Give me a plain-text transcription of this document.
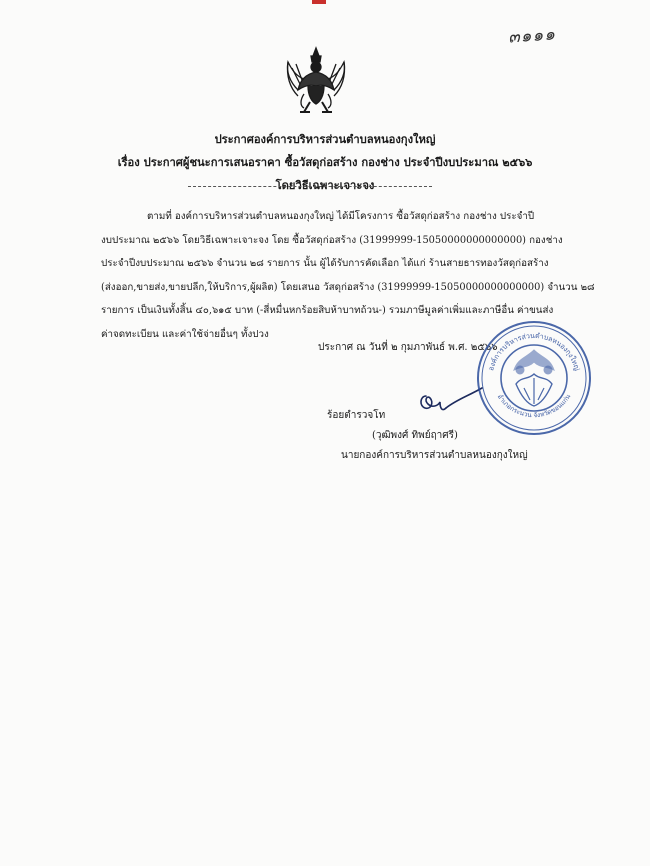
๓๑๑๑
ประกาศองค์การบริหารส่วนตำบลหนองกุงใหญ่
เรื่อง ประกาศผู้ชนะการเสนอราคา ซื้อวัสดุก่อสร้าง กองช่าง ประจำปีงบประมาณ ๒๕๖๖
โดยวิธีเฉพาะเจาะจง
ตามที่ องค์การบริหารส่วนตำบลหนองกุงใหญ่ ได้มีโครงการ ซื้อวัสดุก่อสร้าง กองช่าง ประจำปี
งบประมาณ ๒๕๖๖ โดยวิธีเฉพาะเจาะจง โดย ซื้อวัสดุก่อสร้าง (31999999-15050000000000000) กองช่าง
ประจำปีงบประมาณ ๒๕๖๖ จำนวน ๒๘ รายการ นั้น ผู้ได้รับการคัดเลือก ได้แก่ ร้านสายธารทองวัสดุก่อสร้าง
(ส่งออก,ขายส่ง,ขายปลีก,ให้บริการ,ผู้ผลิต) โดยเสนอ วัสดุก่อสร้าง (31999999-15050000000000000) จำนวน ๒๘
รายการ เป็นเงินทั้งสิ้น ๔๐,๖๑๕ บาท (-สี่หมื่นหกร้อยสิบห้าบาทถ้วน-) รวมภาษีมูลค่าเพิ่มและภาษีอื่น ค่าขนส่ง
ค่าจดทะเบียน และค่าใช้จ่ายอื่นๆ ทั้งปวง
ประกาศ ณ วันที่ ๒ กุมภาพันธ์ พ.ศ. ๒๕๖๖
ร้อยตำรวจโท
(วุฒิพงศ์ ทิพย์ฤาศรี)
นายกองค์การบริหารส่วนตำบลหนองกุงใหญ่
องค์การบริหารส่วนตำบลหนองกุงใหญ่
อำเภอกระนวน จังหวัดขอนแก่น
